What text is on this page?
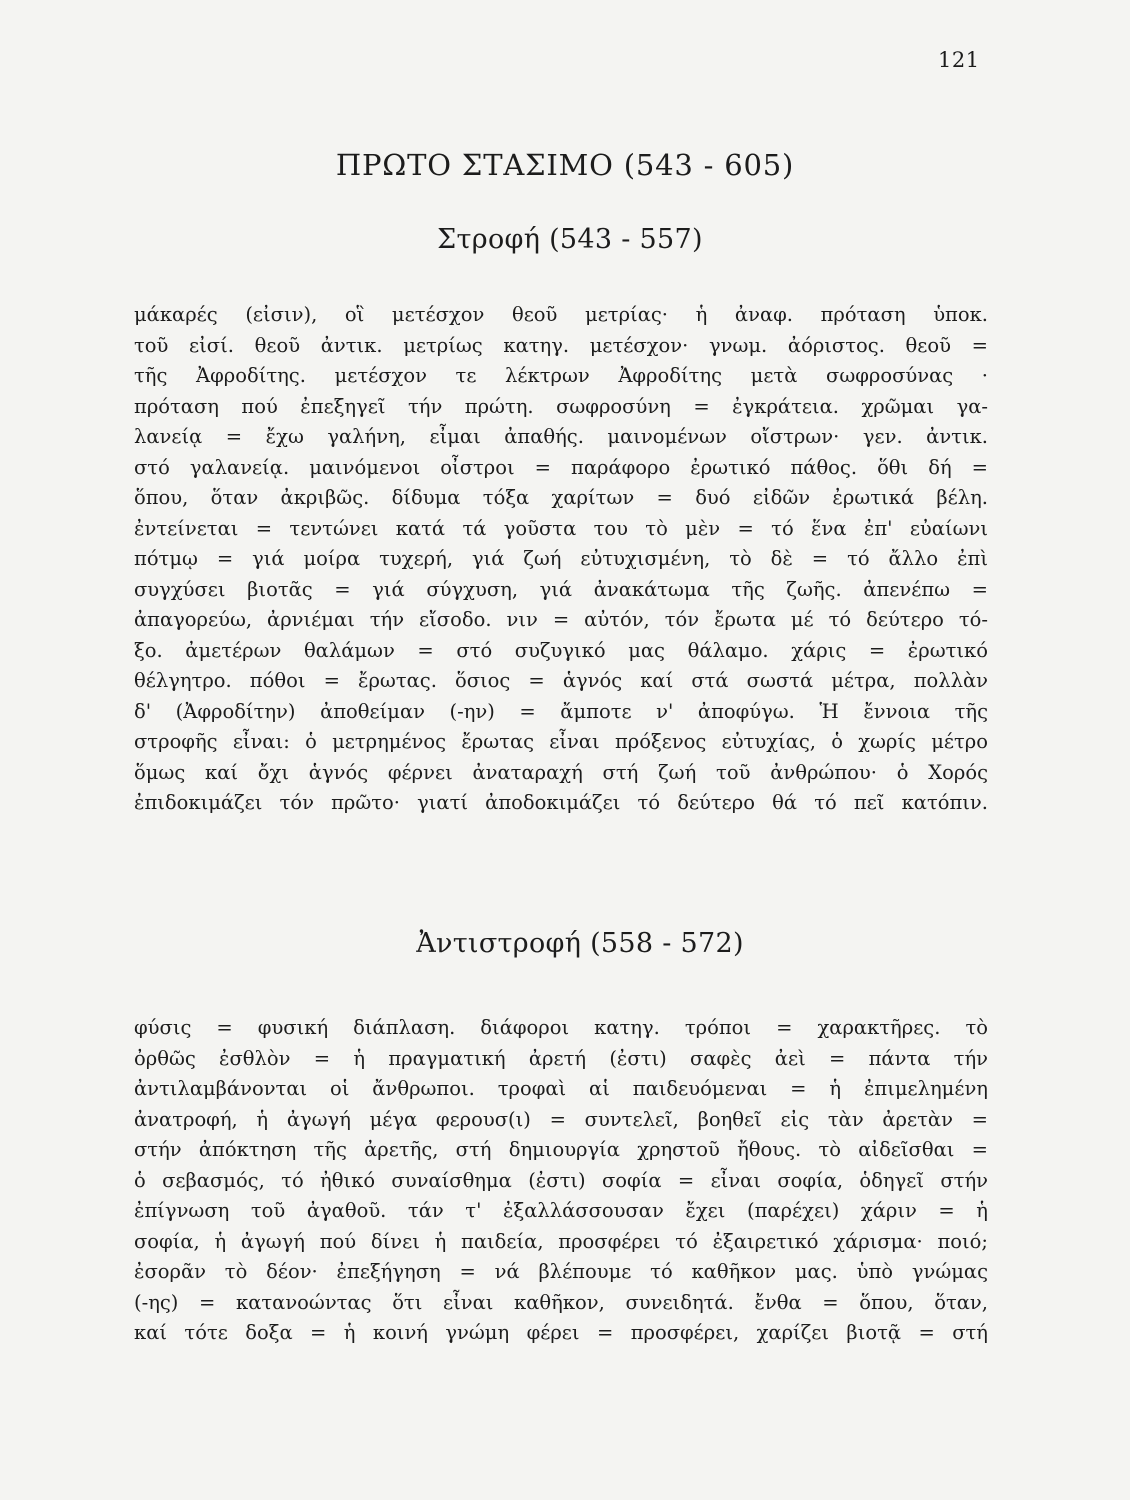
121
ΠΡΩΤΟ ΣΤΑΣΙΜΟ (543 - 605)
Στροφή (543 - 557)
μάκαρές (εἰσιν), οἳ μετέσχον θεοῦ μετρίας· ἡ ἀναφ. πρόταση ὑποκ.
τοῦ εἰσί. θεοῦ ἀντικ. μετρίως κατηγ. μετέσχον· γνωμ. ἀόριστος. θεοῦ =
τῆς Ἀφροδίτης. μετέσχον τε λέκτρων Ἀφροδίτης μετὰ σωφροσύνας ·
πρόταση πού ἐπεξηγεῖ τήν πρώτη. σωφροσύνη = ἐγκράτεια. χρῶμαι γα-
λανείᾳ = ἔχω γαλήνη, εἶμαι ἀπαθής. μαινομένων οἴστρων· γεν. ἀντικ.
στό γαλανείᾳ. μαινόμενοι οἶστροι = παράφορο ἐρωτικό πάθος. ὅθι δή =
ὅπου, ὅταν ἀκριβῶς. δίδυμα τόξα χαρίτων = δυό εἰδῶν ἐρωτικά βέλη.
ἐντείνεται = τεντώνει κατά τά γοῦστα του τὸ μὲν = τό ἕνα ἐπ' εὐαίωνι
πότμῳ = γιά μοίρα τυχερή, γιά ζωή εὐτυχισμένη, τὸ δὲ = τό ἄλλο ἐπὶ
συγχύσει βιοτᾶς = γιά σύγχυση, γιά ἀνακάτωμα τῆς ζωῆς. ἀπενέπω =
ἀπαγορεύω, ἀρνιέμαι τήν εἴσοδο. νιν = αὐτόν, τόν ἔρωτα μέ τό δεύτερο τό-
ξο. ἀμετέρων θαλάμων = στό συζυγικό μας θάλαμο. χάρις = ἐρωτικό
θέλγητρο. πόθοι = ἔρωτας. ὅσιος = ἁγνός καί στά σωστά μέτρα, πολλὰν
δ' (Ἀφροδίτην) ἀποθείμαν (-ην) = ἄμποτε ν' ἀποφύγω. Ἡ ἔννοια τῆς
στροφῆς εἶναι: ὁ μετρημένος ἔρωτας εἶναι πρόξενος εὐτυχίας, ὁ χωρίς μέτρο
ὅμως καί ὄχι ἁγνός φέρνει ἀναταραχή στή ζωή τοῦ ἀνθρώπου· ὁ Χορός
ἐπιδοκιμάζει τόν πρῶτο· γιατί ἀποδοκιμάζει τό δεύτερο θά τό πεῖ κατόπιν.
Ἀντιστροφή (558 - 572)
φύσις = φυσική διάπλαση. διάφοροι κατηγ. τρόποι = χαρακτῆρες. τὸ
ὀρθῶς ἐσθλὸν = ἡ πραγματική ἀρετή (ἐστι) σαφὲς ἀεὶ = πάντα τήν
ἀντιλαμβάνονται οἱ ἄνθρωποι. τροφαὶ αἱ παιδευόμεναι = ἡ ἐπιμελημένη
ἀνατροφή, ἡ ἀγωγή μέγα φερουσ(ι) = συντελεῖ, βοηθεῖ εἰς τὰν ἀρετὰν =
στήν ἀπόκτηση τῆς ἀρετῆς, στή δημιουργία χρηστοῦ ἤθους. τὸ αἰδεῖσθαι =
ὁ σεβασμός, τό ἠθικό συναίσθημα (ἐστι) σοφία = εἶναι σοφία, ὁδηγεῖ στήν
ἐπίγνωση τοῦ ἀγαθοῦ. τάν τ' ἐξαλλάσσουσαν ἔχει (παρέχει) χάριν = ἡ
σοφία, ἡ ἀγωγή πού δίνει ἡ παιδεία, προσφέρει τό ἐξαιρετικό χάρισμα· ποιό;
ἐσορᾶν τὸ δέον· ἐπεξήγηση = νά βλέπουμε τό καθῆκον μας. ὑπὸ γνώμας
(-ης) = κατανοώντας ὅτι εἶναι καθῆκον, συνειδητά. ἔνθα = ὅπου, ὅταν,
καί τότε δοξα = ἡ κοινή γνώμη φέρει = προσφέρει, χαρίζει βιοτᾷ = στή
